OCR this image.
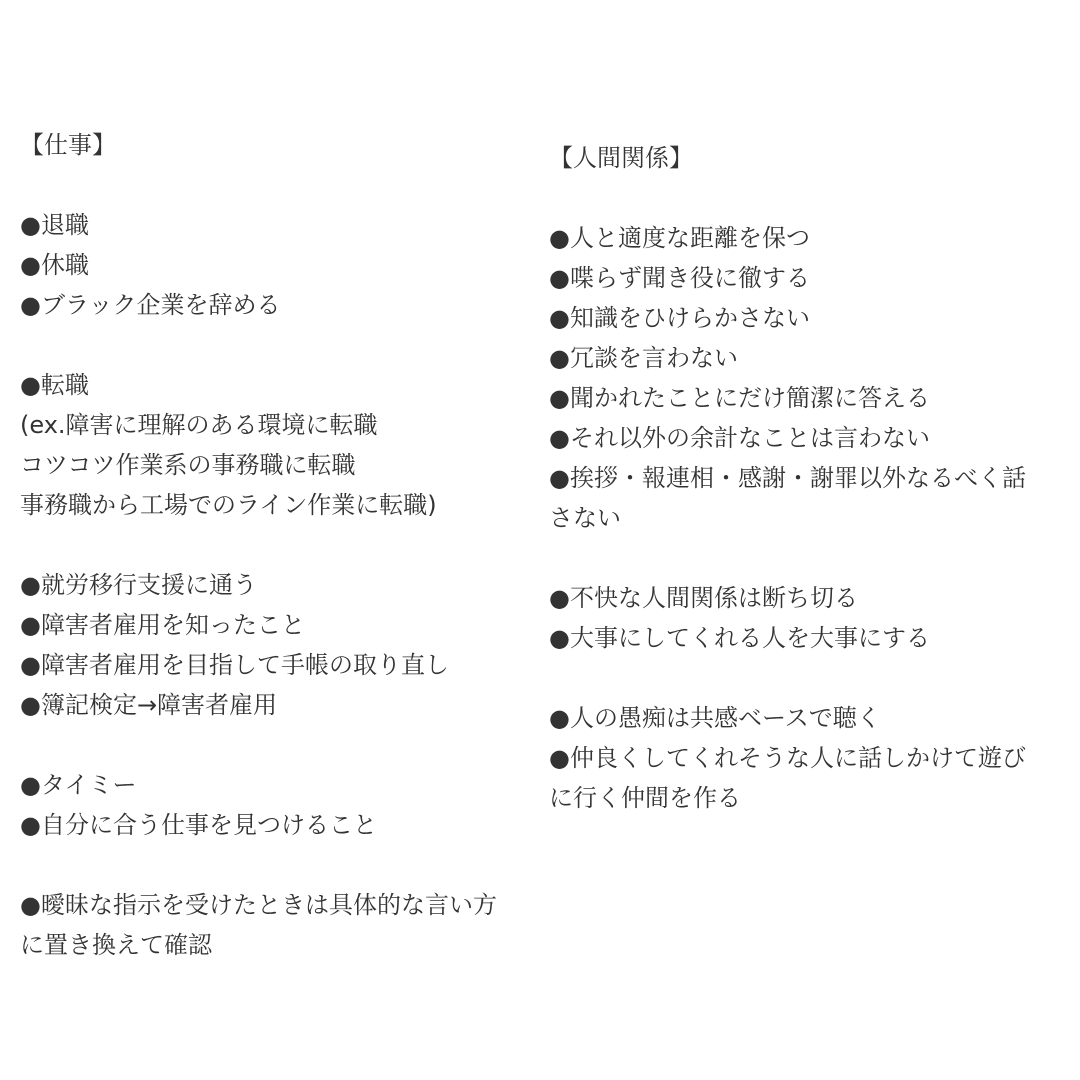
【仕事】
●退職
●休職
●ブラック企業を辞める
●転職
(ex.障害に理解のある環境に転職
コツコツ作業系の事務職に転職
事務職から工場でのライン作業に転職)
●就労移行支援に通う
●障害者雇用を知ったこと
●障害者雇用を目指して手帳の取り直し
●簿記検定→障害者雇用
●タイミー
●自分に合う仕事を見つけること
●曖昧な指示を受けたときは具体的な言い方
に置き換えて確認
【人間関係】
●人と適度な距離を保つ
●喋らず聞き役に徹する
●知識をひけらかさない
●冗談を言わない
●聞かれたことにだけ簡潔に答える
●それ以外の余計なことは言わない
●挨拶・報連相・感謝・謝罪以外なるべく話
さない
●不快な人間関係は断ち切る
●大事にしてくれる人を大事にする
●人の愚痴は共感ベースで聴く
●仲良くしてくれそうな人に話しかけて遊び
に行く仲間を作る
